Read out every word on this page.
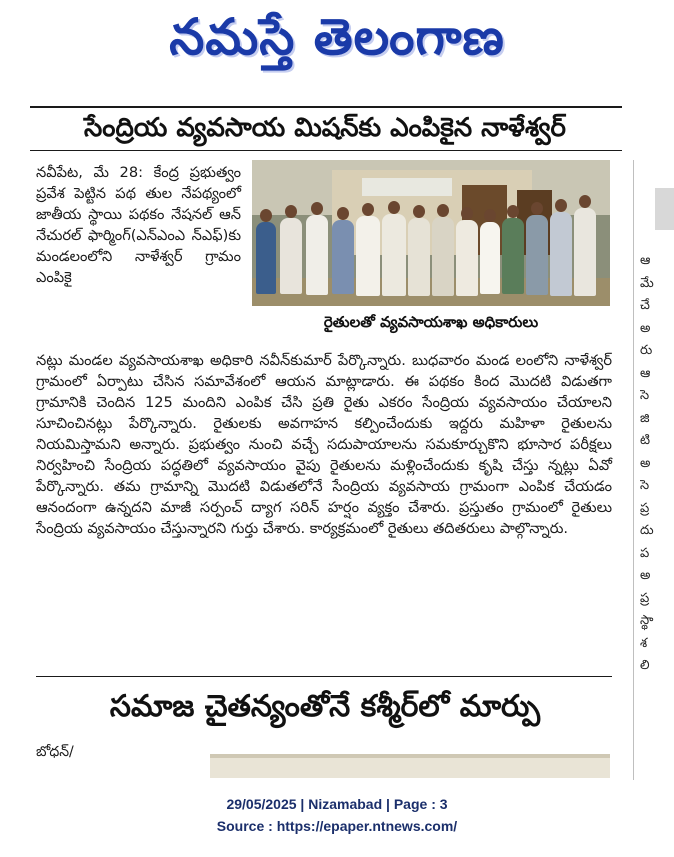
నమస్తే తెలంగాణ
సేంద్రియ వ్యవసాయ మిషన్‌కు ఎంపికైన నాళేశ్వర్
నవీపేట, మే 28: కేంద్ర ప్రభుత్వం ప్రవేశ పెట్టిన పథ తుల నేపథ్యంలో జాతీయ స్థాయి పథకం నేషనల్ ఆన్ నేచురల్ ఫార్మింగ్(ఎన్ఎంఎ న్ఎఫ్)కు మండలంలోని నాళేశ్వర్ గ్రామం ఎంపికై
రైతులతో వ్యవసాయశాఖ అధికారులు
నట్లు మండల వ్యవసాయశాఖ అధికారి నవీన్‌కుమార్ పేర్కొన్నారు. బుధవారం మండ లంలోని నాళేశ్వర్ గ్రామంలో ఏర్పాటు చేసిన సమావేశంలో ఆయన మాట్లాడారు. ఈ పథకం కింద మొదటి విడుతగా గ్రామానికి చెందిన 125 మందిని ఎంపిక చేసి ప్రతి రైతు ఎకరం సేంద్రియ వ్యవసాయం చేయాలని సూచించినట్లు పేర్కొన్నారు. రైతులకు అవగాహన కల్పించేందుకు ఇద్దరు మహిళా రైతులను నియమిస్తామని అన్నారు. ప్రభుత్వం నుంచి వచ్చే సదుపాయాలను సమకూర్చుకొని భూసార పరీక్షలు నిర్వహించి సేంద్రియ పద్ధతిలో వ్యవసాయం వైపు రైతులను మళ్లించేందుకు కృషి చేస్తు న్నట్లు ఏవో పేర్కొన్నారు. తమ గ్రామాన్ని మొదటి విడుతలోనే సేంద్రియ వ్యవసాయ గ్రామంగా ఎంపిక చేయడం ఆనందంగా ఉన్నదని మాజీ సర్పంచ్ ద్యాగ సరిన్ హర్షం వ్యక్తం చేశారు. ప్రస్తుతం గ్రామంలో రైతులు సేంద్రియ వ్యవసాయం చేస్తున్నారని గుర్తు చేశారు. కార్యక్రమంలో రైతులు తదితరులు పాల్గొన్నారు.
సమాజ చైతన్యంతోనే కశ్మీర్‌లో మార్పు
బోధన్/
ఆ
మే
చే
అ
రు
ఆ
సె
జి
టి
అ
సె
ప్ర
దు
ప
అ
ప్ర
స్థా
శ
లి
29/05/2025 | Nizamabad | Page : 3
Source : https://epaper.ntnews.com/
